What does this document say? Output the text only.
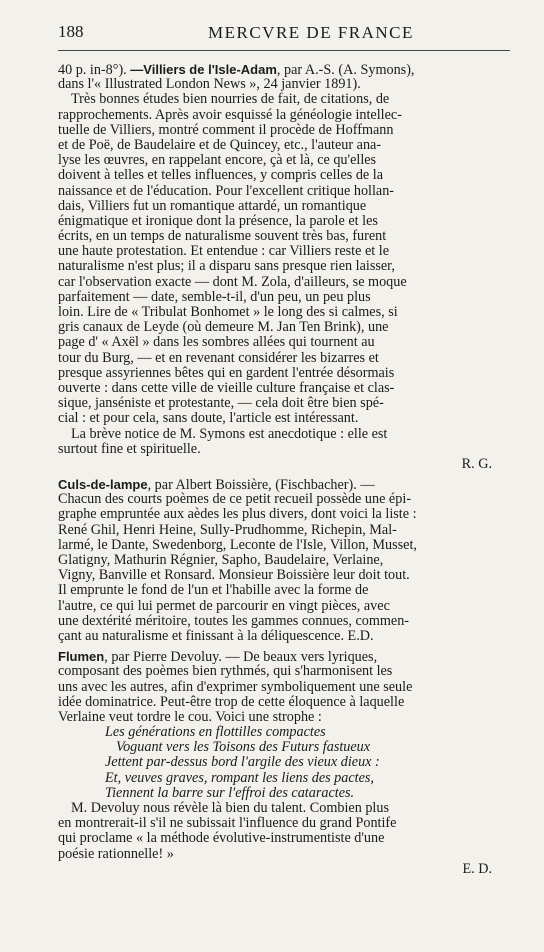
188	MERCVRE DE FRANCE
40 p. in-8°). —Villiers de l'Isle-Adam, par A.-S. (A. Symons),
dans l'« Illustrated London News », 24 janvier 1891).
Très bonnes études bien nourries de fait, de citations, de
rapprochements. Après avoir esquissé la généologie intellec-
tuelle de Villiers, montré comment il procède de Hoffmann
et de Poë, de Baudelaire et de Quincey, etc., l'auteur ana-
lyse les œuvres, en rappelant encore, çà et là, ce qu'elles
doivent à telles et telles influences, y compris celles de la
naissance et de l'éducation. Pour l'excellent critique hollan-
dais, Villiers fut un romantique attardé, un romantique
énigmatique et ironique dont la présence, la parole et les
écrits, en un temps de naturalisme souvent très bas, furent
une haute protestation. Et entendue : car Villiers reste et le
naturalisme n'est plus; il a disparu sans presque rien laisser,
car l'observation exacte — dont M. Zola, d'ailleurs, se moque
parfaitement — date, semble-t-il, d'un peu, un peu plus
loin. Lire de « Tribulat Bonhomet » le long des si calmes, si
gris canaux de Leyde (où demeure M. Jan Ten Brink), une
page d' « Axël » dans les sombres allées qui tournent au
tour du Burg, — et en revenant considérer les bizarres et
presque assyriennes bêtes qui en gardent l'entrée désormais
ouverte : dans cette ville de vieille culture française et clas-
sique, janséniste et protestante, — cela doit être bien spé-
cial : et pour cela, sans doute, l'article est intéressant.
La brève notice de M. Symons est anecdotique : elle est
surtout fine et spirituelle.
R. G.
Culs-de-lampe, par Albert Boissière, (Fischbacher). —
Chacun des courts poèmes de ce petit recueil possède une épi-
graphe empruntée aux aèdes les plus divers, dont voici la liste :
René Ghil, Henri Heine, Sully-Prudhomme, Richepin, Mal-
larmé, le Dante, Swedenborg, Leconte de l'Isle, Villon, Musset,
Glatigny, Mathurin Régnier, Sapho, Baudelaire, Verlaine,
Vigny, Banville et Ronsard. Monsieur Boissière leur doit tout.
Il emprunte le fond de l'un et l'habille avec la forme de
l'autre, ce qui lui permet de parcourir en vingt pièces, avec
une dextérité méritoire, toutes les gammes connues, commen-
çant au naturalisme et finissant à la déliquescence. E.D.
Flumen, par Pierre Devoluy. — De beaux vers lyriques,
composant des poèmes bien rythmés, qui s'harmonisent les
uns avec les autres, afin d'exprimer symboliquement une seule
idée dominatrice. Peut-être trop de cette éloquence à laquelle
Verlaine veut tordre le cou. Voici une strophe :
Les générations en flottilles compactes
Voguant vers les Toisons des Futurs fastueux
Jettent par-dessus bord l'argile des vieux dieux :
Et, veuves graves, rompant les liens des pactes,
Tiennent la barre sur l'effroi des cataractes.
M. Devoluy nous révèle là bien du talent. Combien plus
en montrerait-il s'il ne subissait l'influence du grand Pontife
qui proclame « la méthode évolutive-instrumentiste d'une
poésie rationnelle! »
E. D.
